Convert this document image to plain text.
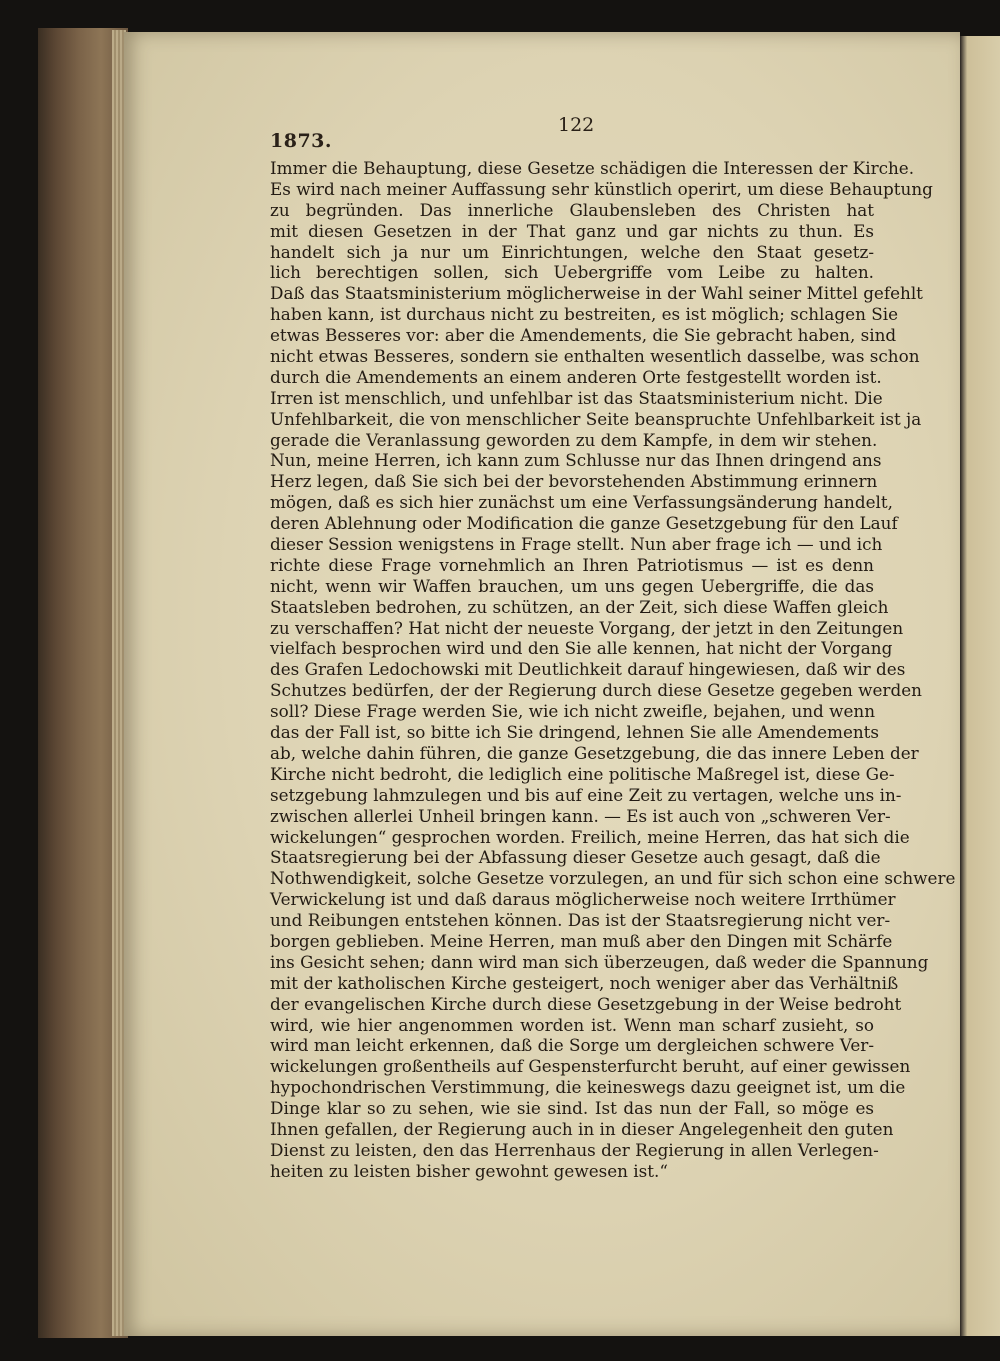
1873.
122
Immer die Behauptung, diese Gesetze schädigen die Interessen der Kirche.
Es wird nach meiner Auffassung sehr künstlich operirt, um diese Behauptung
zu begründen. Das innerliche Glaubensleben des Christen hat
mit diesen Gesetzen in der That ganz und gar nichts zu thun. Es
handelt sich ja nur um Einrichtungen, welche den Staat gesetz-
lich berechtigen sollen, sich Uebergriffe vom Leibe zu halten.
Daß das Staatsministerium möglicherweise in der Wahl seiner Mittel gefehlt
haben kann, ist durchaus nicht zu bestreiten, es ist möglich; schlagen Sie
etwas Besseres vor: aber die Amendements, die Sie gebracht haben, sind
nicht etwas Besseres, sondern sie enthalten wesentlich dasselbe, was schon
durch die Amendements an einem anderen Orte festgestellt worden ist.
Irren ist menschlich, und unfehlbar ist das Staatsministerium nicht. Die
Unfehlbarkeit, die von menschlicher Seite beanspruchte Unfehlbarkeit ist ja
gerade die Veranlassung geworden zu dem Kampfe, in dem wir stehen.
Nun, meine Herren, ich kann zum Schlusse nur das Ihnen dringend ans
Herz legen, daß Sie sich bei der bevorstehenden Abstimmung erinnern
mögen, daß es sich hier zunächst um eine Verfassungsänderung handelt,
deren Ablehnung oder Modification die ganze Gesetzgebung für den Lauf
dieser Session wenigstens in Frage stellt. Nun aber frage ich — und ich
richte diese Frage vornehmlich an Ihren Patriotismus — ist es denn
nicht, wenn wir Waffen brauchen, um uns gegen Uebergriffe, die das
Staatsleben bedrohen, zu schützen, an der Zeit, sich diese Waffen gleich
zu verschaffen? Hat nicht der neueste Vorgang, der jetzt in den Zeitungen
vielfach besprochen wird und den Sie alle kennen, hat nicht der Vorgang
des Grafen Ledochowski mit Deutlichkeit darauf hingewiesen, daß wir des
Schutzes bedürfen, der der Regierung durch diese Gesetze gegeben werden
soll? Diese Frage werden Sie, wie ich nicht zweifle, bejahen, und wenn
das der Fall ist, so bitte ich Sie dringend, lehnen Sie alle Amendements
ab, welche dahin führen, die ganze Gesetzgebung, die das innere Leben der
Kirche nicht bedroht, die lediglich eine politische Maßregel ist, diese Ge-
setzgebung lahmzulegen und bis auf eine Zeit zu vertagen, welche uns in-
zwischen allerlei Unheil bringen kann. — Es ist auch von „schweren Ver-
wickelungen“ gesprochen worden. Freilich, meine Herren, das hat sich die
Staatsregierung bei der Abfassung dieser Gesetze auch gesagt, daß die
Nothwendigkeit, solche Gesetze vorzulegen, an und für sich schon eine schwere
Verwickelung ist und daß daraus möglicherweise noch weitere Irrthümer
und Reibungen entstehen können. Das ist der Staatsregierung nicht ver-
borgen geblieben. Meine Herren, man muß aber den Dingen mit Schärfe
ins Gesicht sehen; dann wird man sich überzeugen, daß weder die Spannung
mit der katholischen Kirche gesteigert, noch weniger aber das Verhältniß
der evangelischen Kirche durch diese Gesetzgebung in der Weise bedroht
wird, wie hier angenommen worden ist. Wenn man scharf zusieht, so
wird man leicht erkennen, daß die Sorge um dergleichen schwere Ver-
wickelungen großentheils auf Gespensterfurcht beruht, auf einer gewissen
hypochondrischen Verstimmung, die keineswegs dazu geeignet ist, um die
Dinge klar so zu sehen, wie sie sind. Ist das nun der Fall, so möge es
Ihnen gefallen, der Regierung auch in in dieser Angelegenheit den guten
Dienst zu leisten, den das Herrenhaus der Regierung in allen Verlegen-
heiten zu leisten bisher gewohnt gewesen ist.“
